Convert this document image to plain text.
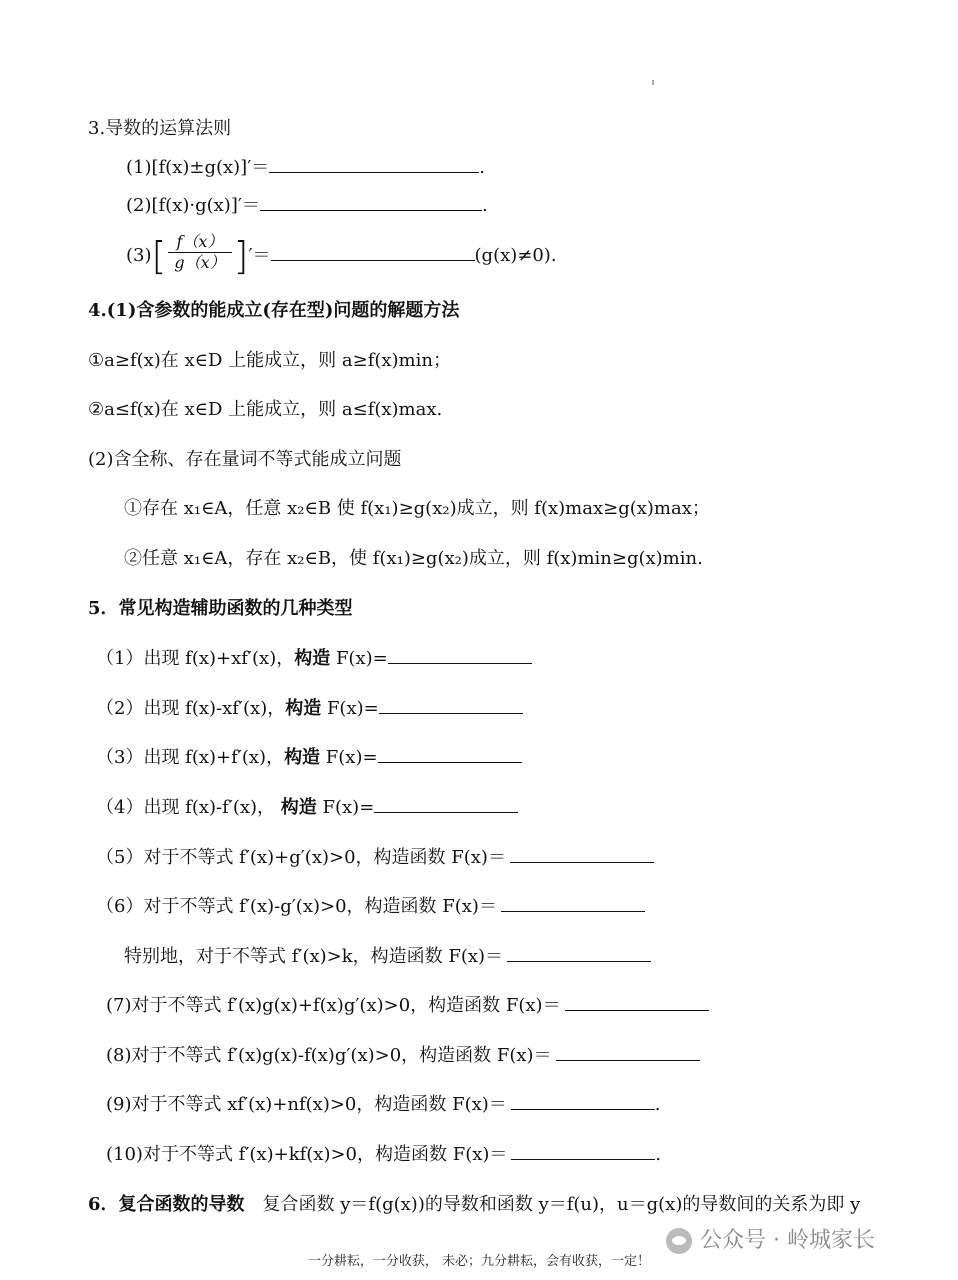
3.导数的运算法则
(1)[f(x)±g(x)]′＝	.
(2)[f(x)·g(x)]′＝	.
$(3)[ \frac{f(x)}{g(x)}$ ]′＝	(g(x)≠0).
4.(1)含参数的能成立(存在型)问题的解题方法
①a≥f(x)在 x∈D 上能成立，则 a≥f(x)min；
②a≤f(x)在 x∈D 上能成立，则 a≤f(x)max.
(2)含全称、存在量词不等式能成立问题
①存在 x₁∈A，任意 x₂∈B 使 f(x₁)≥g(x₂)成立，则 f(x)max≥g(x)max；
②任意 x₁∈A，存在 x₂∈B，使 f(x₁)≥g(x₂)成立，则 f(x)min≥g(x)min.
5．常见构造辅助函数的几种类型
（1）出现 f(x)+xf′(x)，构造 F(x)=
（2）出现 f(x)-xf′(x)，构造 F(x)=
（3）出现 f(x)+f′(x)，构造 F(x)=
（4）出现 f(x)-f′(x)， 构造 F(x)=
（5）对于不等式 f′(x)+g′(x)>0，构造函数 F(x)＝
（6）对于不等式 f′(x)-g′(x)>0，构造函数 F(x)＝
特别地，对于不等式 f′(x)>k，构造函数 F(x)＝
(7)对于不等式 f′(x)g(x)+f(x)g′(x)>0，构造函数 F(x)＝
(8)对于不等式 f′(x)g(x)-f(x)g′(x)>0，构造函数 F(x)＝
(9)对于不等式 xf′(x)+nf(x)>0，构造函数 F(x)＝	.
(10)对于不等式 f′(x)+kf(x)>0，构造函数 F(x)＝	.
6．复合函数的导数 复合函数 y＝f(g(x))的导数和函数 y＝f(u)，u＝g(x)的导数间的关系为即 y
公众号 · 岭城家长
一分耕耘，一分收获， 未必；九分耕耘，会有收获，一定！
